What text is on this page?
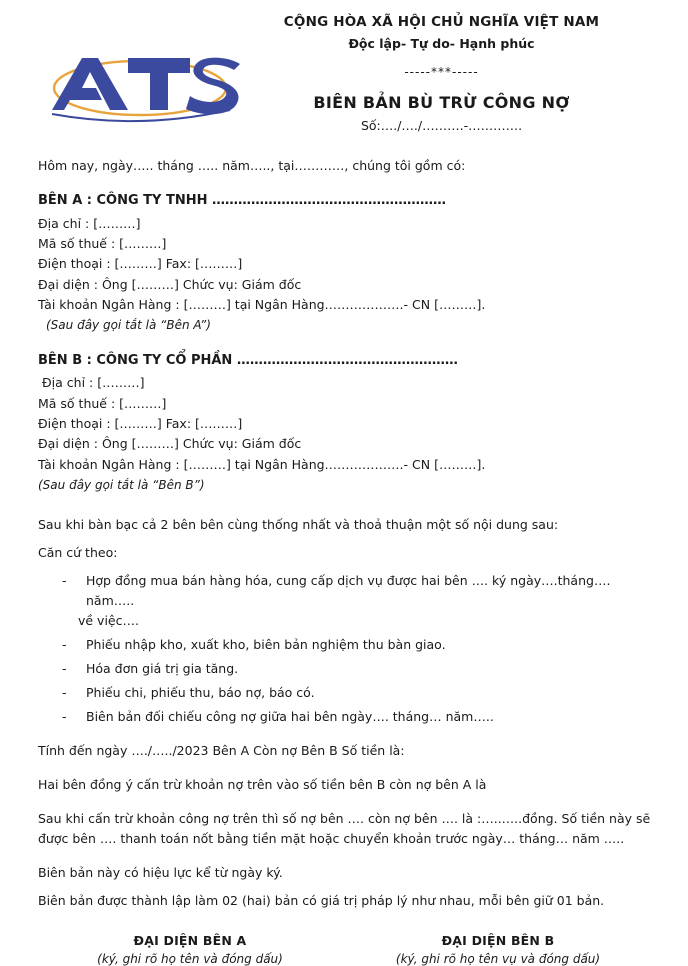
CỘNG HÒA XÃ HỘI CHỦ NGHĨA VIỆT NAM
Độc lập- Tự do- Hạnh phúc
-----***-----
BIÊN BẢN BÙ TRỪ CÔNG NỢ
Số:…./…./……….-………….
Hôm nay, ngày….. tháng ….. năm….., tại…………, chúng tôi gồm có:
BÊN A : CÔNG TY TNHH ………………………………………………
Địa chỉ : [………]
Mã số thuế : [………]
Điện thoại : [………] Fax: [………]
Đại diện : Ông [………] Chức vụ: Giám đốc
Tài khoản Ngân Hàng : [………] tại Ngân Hàng……………….- CN [………].
(Sau đây gọi tắt là “Bên A”)
BÊN B : CÔNG TY CỔ PHẦN ……………………………………………
Địa chỉ : [………]
Mã số thuế : [………]
Điện thoại : [………] Fax: [………]
Đại diện : Ông [………] Chức vụ: Giám đốc
Tài khoản Ngân Hàng : [………] tại Ngân Hàng……………….- CN [………].
(Sau đây gọi tắt là “Bên B”)
Sau khi bàn bạc cả 2 bên bên cùng thống nhất và thoả thuận một số nội dung sau:
Căn cứ theo:
- Hợp đồng mua bán hàng hóa, cung cấp dịch vụ được hai bên …. ký ngày….tháng…. năm…..
về việc….
- Phiếu nhập kho, xuất kho, biên bản nghiệm thu bàn giao.
- Hóa đơn giá trị gia tăng.
- Phiếu chi, phiếu thu, báo nợ, báo có.
- Biên bản đối chiếu công nợ giữa hai bên ngày…. tháng… năm…..
Tính đến ngày …./…../2023 Bên A Còn nợ Bên B Số tiền là:
Hai bên đồng ý cấn trừ khoản nợ trên vào số tiền bên B còn nợ bên A là
Sau khi cấn trừ khoản công nợ trên thì số nợ bên …. còn nợ bên …. là :…..…..đồng. Số tiền này sẽ được bên …. thanh toán nốt bằng tiền mặt hoặc chuyển khoản trước ngày… tháng… năm …..
Biên bản này có hiệu lực kể từ ngày ký.
Biên bản được thành lập làm 02 (hai) bản có giá trị pháp lý như nhau, mỗi bên giữ 01 bản.
ĐẠI DIỆN BÊN A
(ký, ghi rõ họ tên và đóng dấu)
ĐẠI DIỆN BÊN B
(ký, ghi rõ họ tên vụ và đóng dấu)
